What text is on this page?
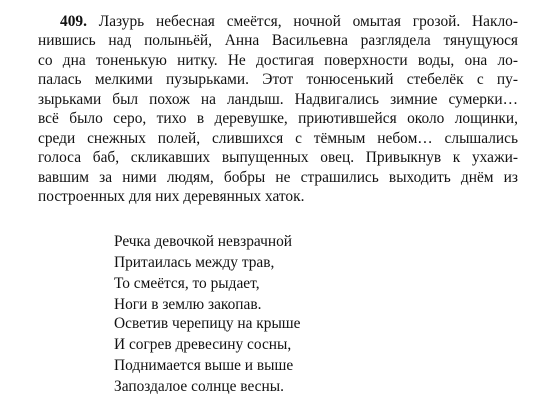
409. Лазурь небесная смеётся, ночной омытая грозой. Накло-
нившись над полыньёй, Анна Васильевна разглядела тянущуюся
со дна тоненькую нитку. Не достигая поверхности воды, она ло-
палась мелкими пузырьками. Этот тонюсенький стебелёк с пу-
зырьками был похож на ландыш. Надвигались зимние сумерки…
всё было серо, тихо в деревушке, приютившейся около лощинки,
среди снежных полей, слившихся с тёмным небом… слышались
голоса баб, скликавших выпущенных овец. Привыкнув к ухажи-
вавшим за ними людям, бобры не страшились выходить днём из
построенных для них деревянных хаток.

Речка девочкой невзрачной
Притаилась между трав,
То смеётся, то рыдает,
Ноги в землю закопав.
Осветив черепицу на крыше
И согрев древесину сосны,
Поднимается выше и выше
Запоздалое солнце весны.
